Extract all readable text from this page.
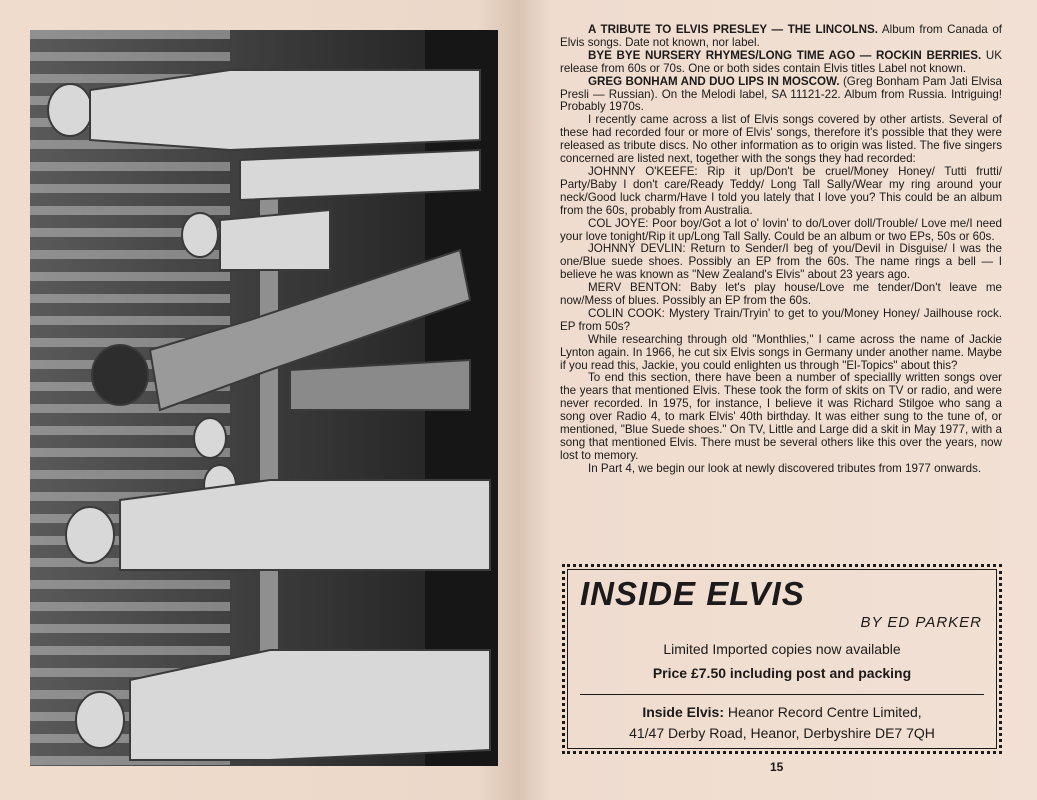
A TRIBUTE TO ELVIS PRESLEY — THE LINCOLNS. Album from Canada of Elvis songs. Date not known, nor label.

BYE BYE NURSERY RHYMES/LONG TIME AGO — ROCKIN BERRIES. UK release from 60s or 70s. One or both sides contain Elvis titles Label not known.

GREG BONHAM AND DUO LIPS IN MOSCOW. (Greg Bonham Pam Jati Elvisa Presli — Russian). On the Melodi label, SA 11121-22. Album from Russia. Intriguing! Probably 1970s.

I recently came across a list of Elvis songs covered by other artists. Several of these had recorded four or more of Elvis' songs, therefore it's possible that they were released as tribute discs. No other information as to origin was listed. The five singers concerned are listed next, together with the songs they had recorded:

JOHNNY O'KEEFE: Rip it up/Don't be cruel/Money Honey/ Tutti frutti/ Party/Baby I don't care/Ready Teddy/ Long Tall Sally/Wear my ring around your neck/Good luck charm/Have I told you lately that I love you? This could be an album from the 60s, probably from Australia.

COL JOYE: Poor boy/Got a lot o' lovin' to do/Lover doll/Trouble/ Love me/I need your love tonight/Rip it up/Long Tall Sally. Could be an album or two EPs, 50s or 60s.

JOHNNY DEVLIN: Return to Sender/I beg of you/Devil in Disguise/ I was the one/Blue suede shoes. Possibly an EP from the 60s. The name rings a bell — I believe he was known as "New Zealand's Elvis" about 23 years ago.

MERV BENTON: Baby let's play house/Love me tender/Don't leave me now/Mess of blues. Possibly an EP from the 60s.

COLIN COOK: Mystery Train/Tryin' to get to you/Money Honey/ Jailhouse rock. EP from 50s?

While researching through old "Monthlies," I came across the name of Jackie Lynton again. In 1966, he cut six Elvis songs in Germany under another name. Maybe if you read this, Jackie, you could enlighten us through "El-Topics" about this?

To end this section, there have been a number of speciallly written songs over the years that mentioned Elvis. These took the form of skits on TV or radio, and were never recorded. In 1975, for instance, I believe it was Richard Stilgoe who sang a song over Radio 4, to mark Elvis' 40th birthday. It was either sung to the tune of, or mentioned, "Blue Suede shoes." On TV, Little and Large did a skit in May 1977, with a song that mentioned Elvis. There must be several others like this over the years, now lost to memory.

In Part 4, we begin our look at newly discovered tributes from 1977 onwards.

INSIDE ELVIS
BY ED PARKER
Limited Imported copies now available
Price £7.50 including post and packing
Inside Elvis: Heanor Record Centre Limited,
41/47 Derby Road, Heanor, Derbyshire DE7 7QH
15
